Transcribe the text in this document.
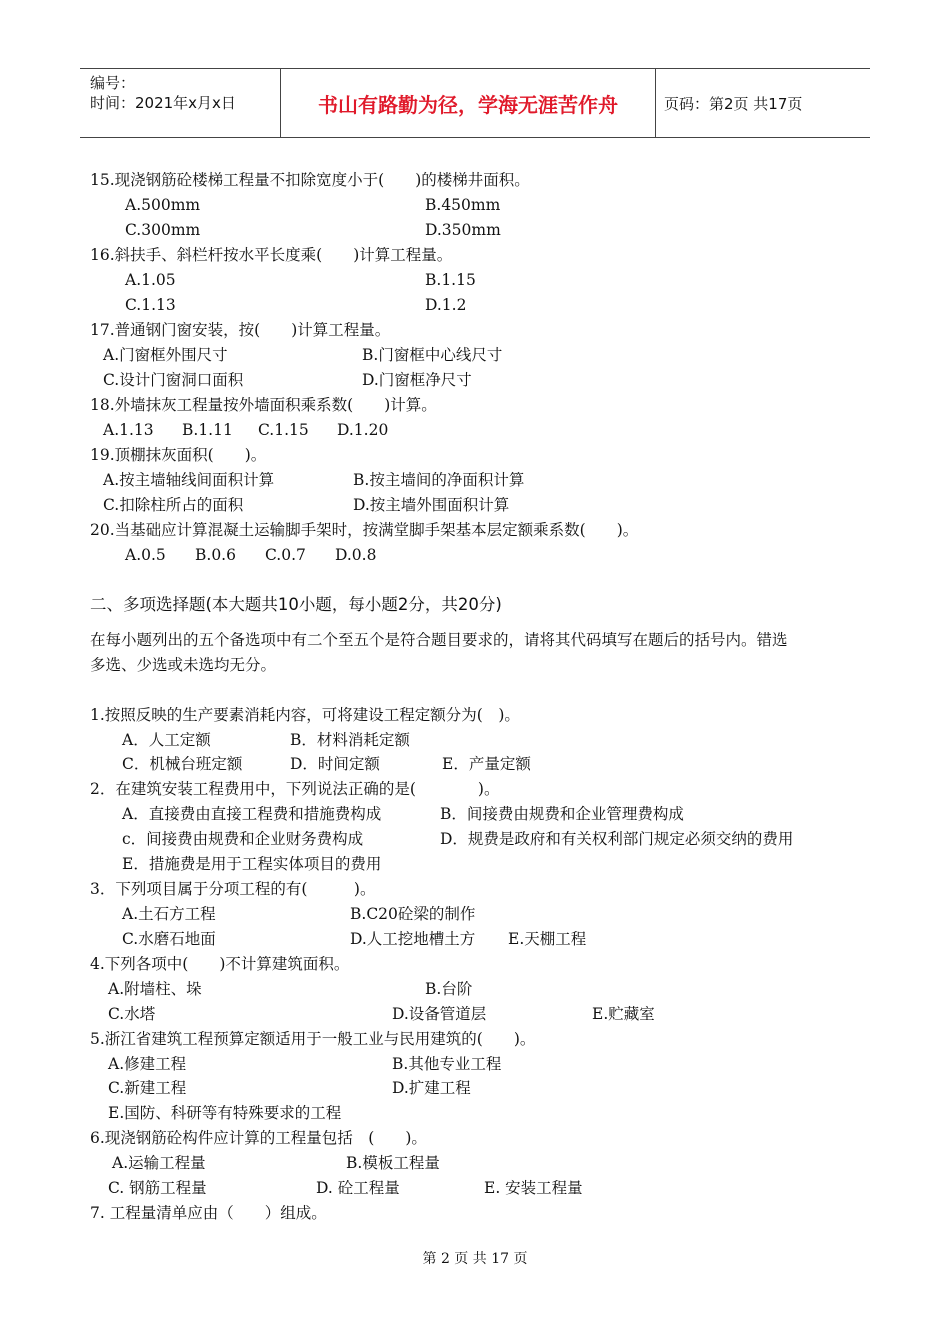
编号：
时间：2021年x月x日	书山有路勤为径，学海无涯苦作舟	页码：第2页 共17页
15.现浇钢筋砼楼梯工程量不扣除宽度小于(　　)的楼梯井面积。
A.500mm	B.450mm
C.300mm	D.350mm
16.斜扶手、斜栏杆按水平长度乘(　　)计算工程量。
A.1.05	B.1.15
C.1.13	D.1.2
17.普通钢门窗安装，按(　　)计算工程量。
A.门窗框外围尺寸	B.门窗框中心线尺寸
C.设计门窗洞口面积	D.门窗框净尺寸
18.外墙抹灰工程量按外墙面积乘系数(　　)计算。
A.1.13 B.1.11 C.1.15 D.1.20
19.顶棚抹灰面积(　　)。
A.按主墙轴线间面积计算	B.按主墙间的净面积计算
C.扣除柱所占的面积	D.按主墙外围面积计算
20.当基础应计算混凝土运输脚手架时，按满堂脚手架基本层定额乘系数(　　)。
A.0.5 B.0.6 C.0.7 D.0.8
二、多项选择题(本大题共10小题，每小题2分，共20分)
在每小题列出的五个备选项中有二个至五个是符合题目要求的，请将其代码填写在题后的括号内。错选
多选、少选或未选均无分。
1.按照反映的生产要素消耗内容，可将建设工程定额分为(　)。
A．人工定额	B．材料消耗定额
C．机械台班定额	D．时间定额	E．产量定额
2．在建筑安装工程费用中，下列说法正确的是(　　　　)。
A．直接费由直接工程费和措施费构成	B．间接费由规费和企业管理费构成
c．间接费由规费和企业财务费构成	D．规费是政府和有关权利部门规定必须交纳的费用
E．措施费是用于工程实体项目的费用
3．下列项目属于分项工程的有(　　　)。
A.土石方工程	B.C20砼梁的制作
C.水磨石地面	D.人工挖地槽土方 E.天棚工程
4.下列各项中(　　)不计算建筑面积。
A.附墙柱、垛	B.台阶
C.水塔	D.设备管道层	E.贮藏室
5.浙江省建筑工程预算定额适用于一般工业与民用建筑的(　　)。
A.修建工程	B.其他专业工程
C.新建工程	D.扩建工程
E.国防、科研等有特殊要求的工程
6.现浇钢筋砼构件应计算的工程量包括　(　　)。
A.运输工程量	B.模板工程量
C. 钢筋工程量	D. 砼工程量	E. 安装工程量
7. 工程量清单应由（　　）组成。
第 2 页 共 17 页
